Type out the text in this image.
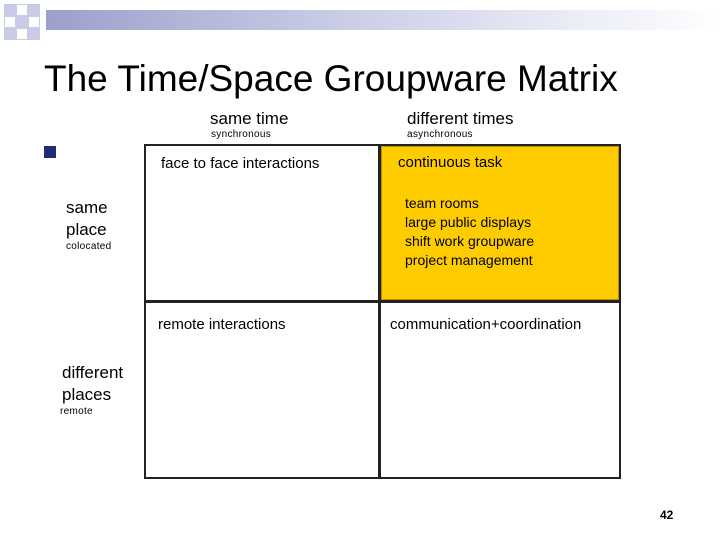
The Time/Space Groupware Matrix
same time
synchronous
different times
asynchronous
same
place
colocated
different
places
remote
face to face interactions	continuous task
team rooms
large public displays
shift work groupware
project management
remote interactions	communication+coordination
42
